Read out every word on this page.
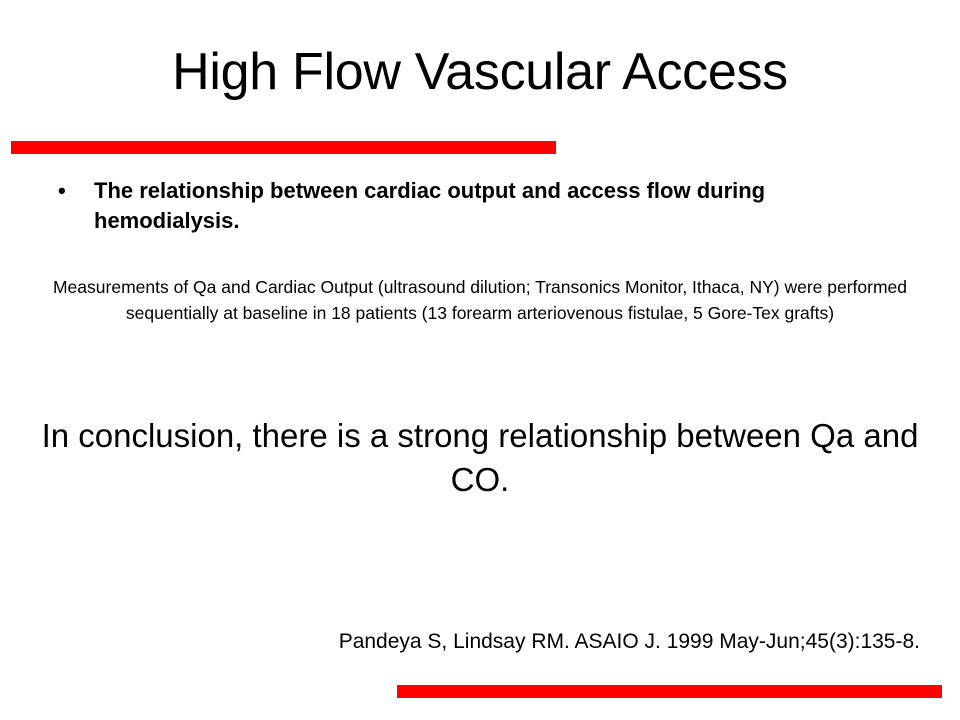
High Flow Vascular Access
•	The relationship between cardiac output and access flow during hemodialysis.
Measurements of Qa and Cardiac Output (ultrasound dilution; Transonics Monitor, Ithaca, NY) were performed sequentially at baseline in 18 patients (13 forearm arteriovenous fistulae, 5 Gore-Tex grafts)
In conclusion, there is a strong relationship between Qa and CO.
Pandeya S, Lindsay RM. ASAIO J. 1999 May-Jun;45(3):135-8.
